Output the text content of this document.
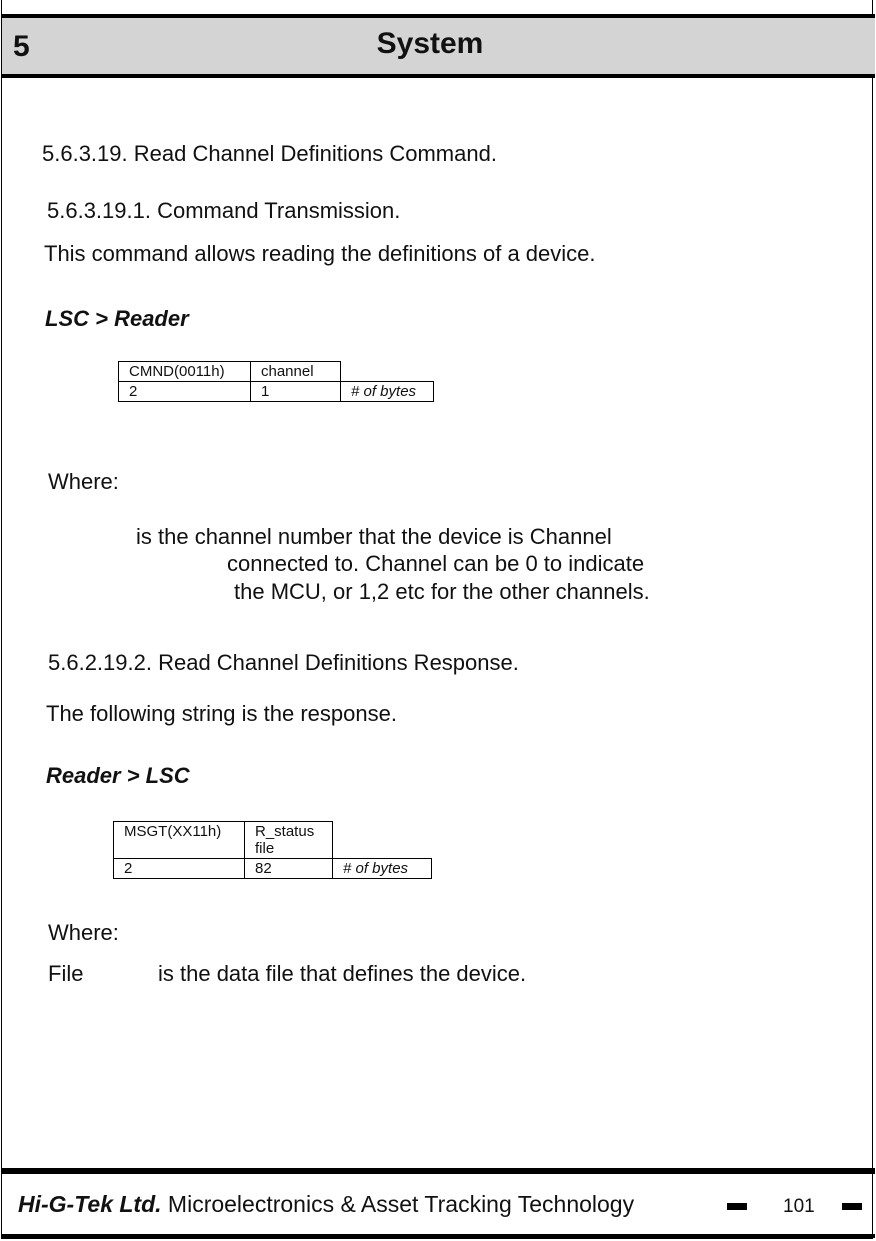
5	System
5.6.3.19. Read Channel Definitions Command.
5.6.3.19.1. Command Transmission.
This command allows reading the definitions of a device.
LSC > Reader
CMND(0011h)	channel	
2	1	# of bytes
Where:
is the channel number that the device is Channel
connected to. Channel can be 0 to indicate
the MCU, or 1,2 etc for the other channels.
5.6.2.19.2. Read Channel Definitions Response.
The following string is the response.
Reader > LSC
MSGT(XX11h)	R_status
file	
2	82	# of bytes
Where:
File	is the data file that defines the device.
Hi-G-Tek Ltd. Microelectronics & Asset Tracking Technology	101
